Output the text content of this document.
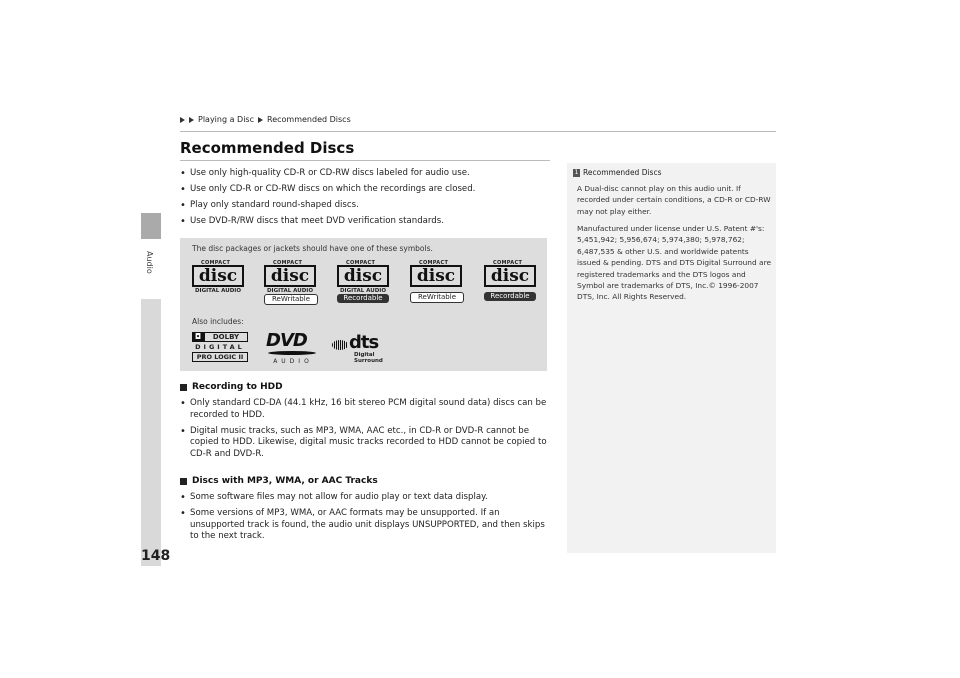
Audio
148
Playing a Disc Recommended Discs
Recommended Discs
• Use only high-quality CD-R or CD-RW discs labeled for audio use.
• Use only CD-R or CD-RW discs on which the recordings are closed.
• Play only standard round-shaped discs.
• Use DVD-R/RW discs that meet DVD verification standards.
The disc packages or jackets should have one of these symbols.
COMPACT
disc
DIGITAL AUDIO
COMPACT
disc
DIGITAL AUDIO
ReWritable
COMPACT
disc
DIGITAL AUDIO
Recordable
COMPACT
disc
ReWritable
COMPACT
disc
Recordable
Also includes:
◘	DOLBY
DIGITAL
PRO LOGIC II
DVD
AUDIO
dts
Digital Surround
Recording to HDD
• Only standard CD-DA (44.1 kHz, 16 bit stereo PCM digital sound data) discs can be recorded to HDD.
• Digital music tracks, such as MP3, WMA, AAC etc., in CD-R or DVD-R cannot be copied to HDD. Likewise, digital music tracks recorded to HDD cannot be copied to CD-R and DVD-R.
Discs with MP3, WMA, or AAC Tracks
• Some software files may not allow for audio play or text data display.
• Some versions of MP3, WMA, or AAC formats may be unsupported. If an unsupported track is found, the audio unit displays UNSUPPORTED, and then skips to the next track.
1 Recommended Discs

A Dual-disc cannot play on this audio unit. If recorded under certain conditions, a CD-R or CD-RW may not play either.

Manufactured under license under U.S. Patent #'s: 5,451,942; 5,956,674; 5,974,380; 5,978,762; 6,487,535 & other U.S. and worldwide patents issued & pending. DTS and DTS Digital Surround are registered trademarks and the DTS logos and Symbol are trademarks of DTS, Inc.© 1996-2007 DTS, Inc. All Rights Reserved.
